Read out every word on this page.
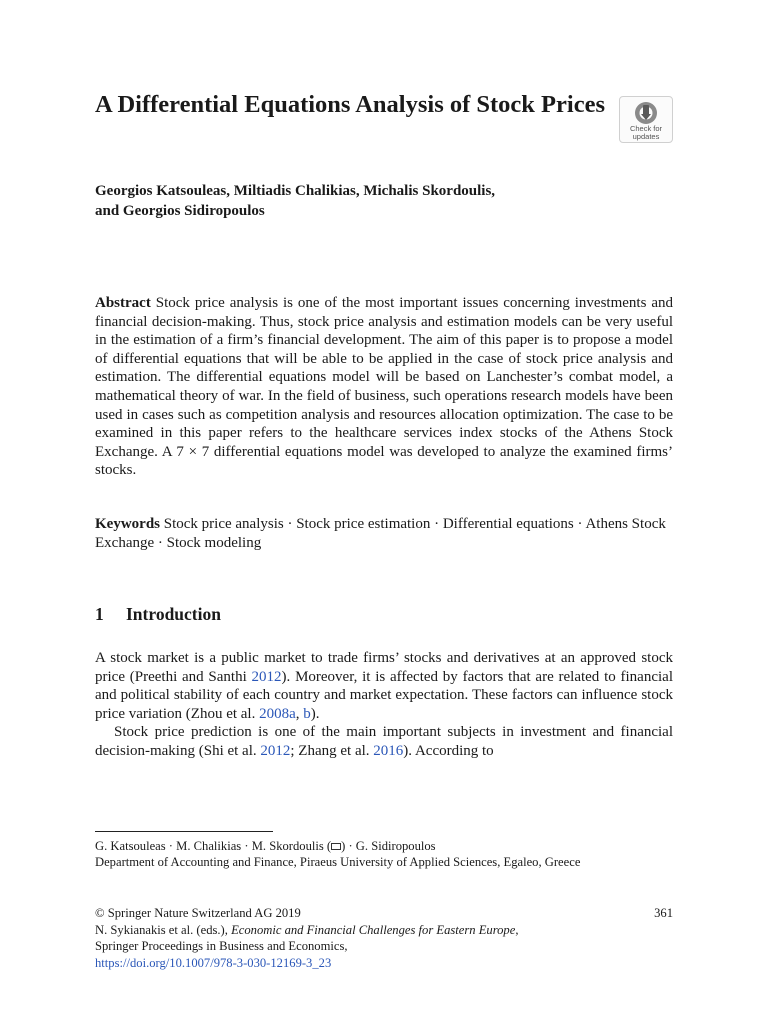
A Differential Equations Analysis of Stock Prices
Check for
updates
Georgios Katsouleas, Miltiadis Chalikias, Michalis Skordoulis,
and Georgios Sidiropoulos

Abstract Stock price analysis is one of the most important issues concerning investments and financial decision-making. Thus, stock price analysis and estimation models can be very useful in the estimation of a firm’s financial development. The aim of this paper is to propose a model of differential equations that will be able to be applied in the case of stock price analysis and estimation. The differential equations model will be based on Lanchester’s combat model, a mathematical theory of war. In the field of business, such operations research models have been used in cases such as competition analysis and resources allocation optimization. The case to be examined in this paper refers to the healthcare services index stocks of the Athens Stock Exchange. A 7 × 7 differential equations model was developed to analyze the examined firms’ stocks.

Keywords Stock price analysis · Stock price estimation · Differential equations · Athens Stock Exchange · Stock modeling

1 Introduction

A stock market is a public market to trade firms’ stocks and derivatives at an approved stock price (Preethi and Santhi 2012). Moreover, it is affected by factors that are related to financial and political stability of each country and market expectation. These factors can influence stock price variation (Zhou et al. 2008a, b).

Stock price prediction is one of the main important subjects in investment and financial decision-making (Shi et al. 2012; Zhang et al. 2016). According to

G. Katsouleas · M. Chalikias · M. Skordoulis ( ) · G. Sidiropoulos
Department of Accounting and Finance, Piraeus University of Applied Sciences, Egaleo, Greece
© Springer Nature Switzerland AG 2019
N. Sykianakis et al. (eds.), Economic and Financial Challenges for Eastern Europe,
Springer Proceedings in Business and Economics,
https://doi.org/10.1007/978-3-030-12169-3_23
361
